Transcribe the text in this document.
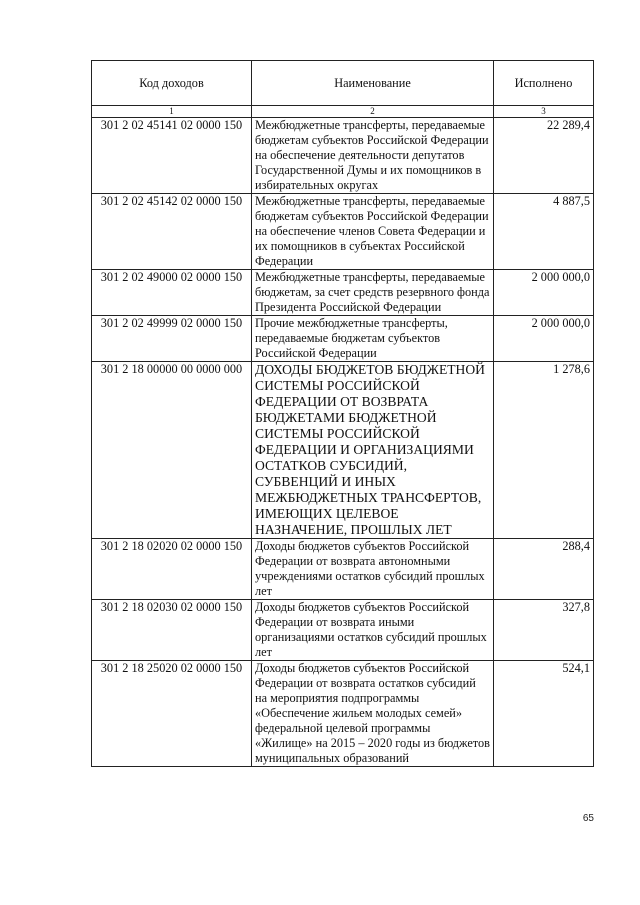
Код доходов	Наименование	Исполнено
1	2	3
301 2 02 45141 02 0000 150	Межбюджетные трансферты, передаваемые бюджетам субъектов Российской Федерации на обеспечение деятельности депутатов Государственной Думы и их помощников в избирательных округах	22 289,4
301 2 02 45142 02 0000 150	Межбюджетные трансферты, передаваемые бюджетам субъектов Российской Федерации на обеспечение членов Совета Федерации и их помощников в субъектах Российской Федерации	4 887,5
301 2 02 49000 02 0000 150	Межбюджетные трансферты, передаваемые бюджетам, за счет средств резервного фонда Президента Российской Федерации	2 000 000,0
301 2 02 49999 02 0000 150	Прочие межбюджетные трансферты, передаваемые бюджетам субъектов Российской Федерации	2 000 000,0
301 2 18 00000 00 0000 000	ДОХОДЫ БЮДЖЕТОВ БЮДЖЕТНОЙ СИСТЕМЫ РОССИЙСКОЙ ФЕДЕРАЦИИ ОТ ВОЗВРАТА БЮДЖЕТАМИ БЮДЖЕТНОЙ СИСТЕМЫ РОССИЙСКОЙ ФЕДЕРАЦИИ И ОРГАНИЗАЦИЯМИ ОСТАТКОВ СУБСИДИЙ, СУБВЕНЦИЙ И ИНЫХ МЕЖБЮДЖЕТНЫХ ТРАНСФЕРТОВ, ИМЕЮЩИХ ЦЕЛЕВОЕ НАЗНАЧЕНИЕ, ПРОШЛЫХ ЛЕТ	1 278,6
301 2 18 02020 02 0000 150	Доходы бюджетов субъектов Российской Федерации от возврата автономными учреждениями остатков субсидий прошлых лет	288,4
301 2 18 02030 02 0000 150	Доходы бюджетов субъектов Российской Федерации от возврата иными организациями остатков субсидий прошлых лет	327,8
301 2 18 25020 02 0000 150	Доходы бюджетов субъектов Российской Федерации от возврата остатков субсидий на мероприятия подпрограммы «Обеспечение жильем молодых семей» федеральной целевой программы «Жилище» на 2015 – 2020 годы из бюджетов муниципальных образований	524,1
65
